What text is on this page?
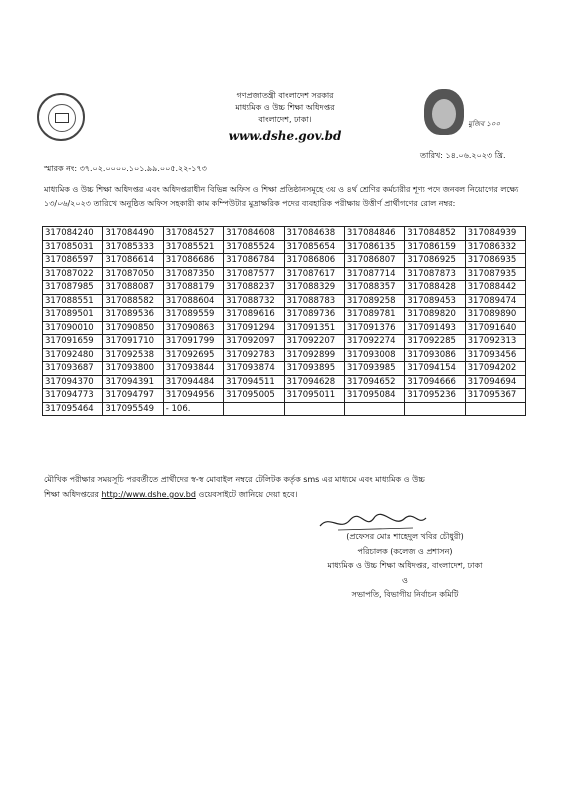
গণপ্রজাতন্ত্রী বাংলাদেশ সরকার
মাধ্যমিক ও উচ্চ শিক্ষা অধিদপ্তর
বাংলাদেশ, ঢাকা।
www.dshe.gov.bd
মুজিব ১০০
তারিখ: ১৪.০৬.২০২৩ খ্রি.
স্মারক নং: ৩৭.০২.০০০০.১০১.৯৯.০০৫.২২-১৭৩
মাধ্যমিক ও উচ্চ শিক্ষা অধিদপ্তর এবং অধিদপ্তরাধীন বিভিন্ন অফিস ও শিক্ষা প্রতিষ্ঠানসমূহে ৩য় ও ৪র্থ শ্রেণির কর্মচারীর শূণ্য পদে জনবল নিয়োগের লক্ষ্যে ১৩/০৬/২০২৩ তারিখে অনুষ্ঠিত অফিস সহকারী কাম কম্পিউটার মুদ্রাক্ষরিক পদের ব্যবহারিক পরীক্ষায় উত্তীর্ণ প্রার্থীগণের রোল নম্বর:
317084240	317084490	317084527	317084608	317084638	317084846	317084852	317084939
317085031	317085333	317085521	317085524	317085654	317086135	317086159	317086332
317086597	317086614	317086686	317086784	317086806	317086807	317086925	317086935
317087022	317087050	317087350	317087577	317087617	317087714	317087873	317087935
317087985	317088087	317088179	317088237	317088329	317088357	317088428	317088442
317088551	317088582	317088604	317088732	317088783	317089258	317089453	317089474
317089501	317089536	317089559	317089616	317089736	317089781	317089820	317089890
317090010	317090850	317090863	317091294	317091351	317091376	317091493	317091640
317091659	317091710	317091799	317092097	317092207	317092274	317092285	317092313
317092480	317092538	317092695	317092783	317092899	317093008	317093086	317093456
317093687	317093800	317093844	317093874	317093895	317093985	317094154	317094202
317094370	317094391	317094484	317094511	317094628	317094652	317094666	317094694
317094773	317094797	317094956	317095005	317095011	317095084	317095236	317095367
317095464	317095549	- 106.					
মৌখিক পরীক্ষার সময়সূচি পরবর্তীতে প্রার্থীদের স্ব-স্ব মোবাইল নম্বরে টেলিটক কর্তৃক sms এর মাধ্যমে এবং মাধ্যমিক ও উচ্চ
শিক্ষা অধিদপ্তরের http://www.dshe.gov.bd ওয়েবসাইটে জানিয়ে দেয়া হবে।
(প্রফেসর মোঃ শাহেদুল খবির চৌধুরী)
পরিচালক (কলেজ ও প্রশাসন)
মাধ্যমিক ও উচ্চ শিক্ষা অধিদপ্তর, বাংলাদেশ, ঢাকা
ও
সভাপতি, বিভাগীয় নির্বাচন কমিটি
